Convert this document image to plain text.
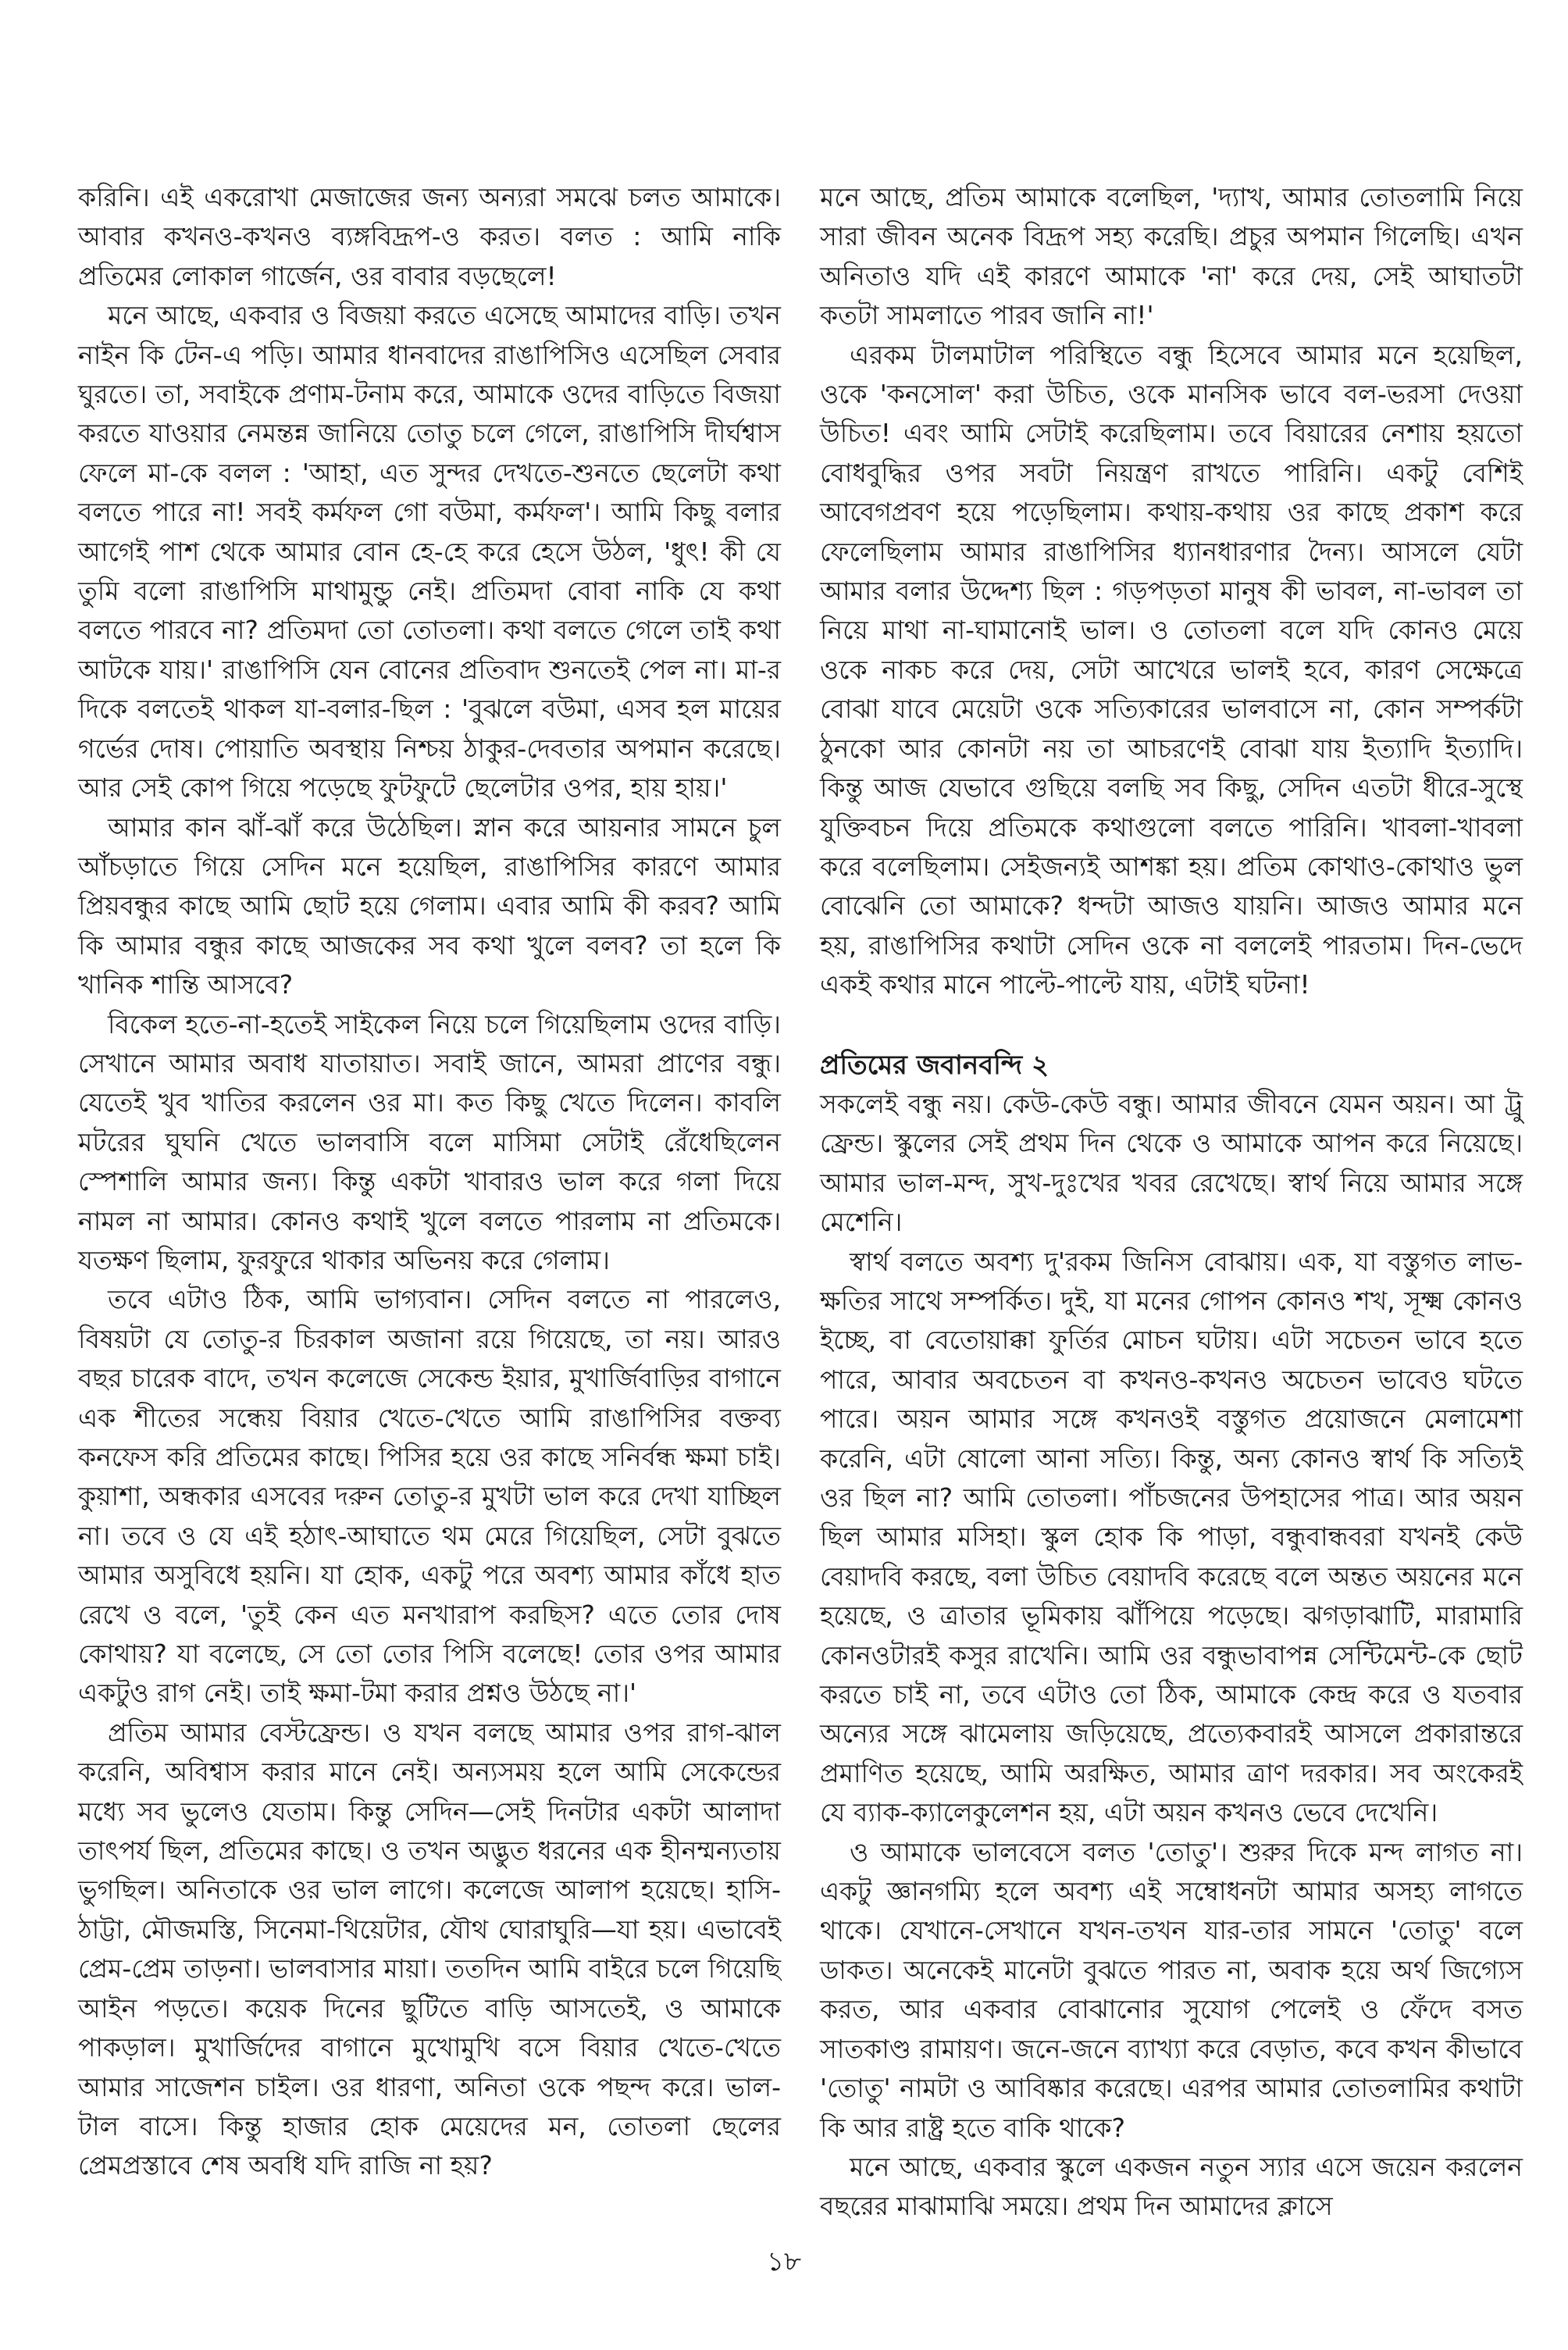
করিনি। এই একরোখা মেজাজের জন্য অন্যরা সমঝে চলত আমাকে। আবার কখনও-কখনও ব্যঙ্গবিদ্রূপ-ও করত। বলত : আমি নাকি প্রতিমের লোকাল গার্জেন, ওর বাবার বড়ছেলে!

মনে আছে, একবার ও বিজয়া করতে এসেছে আমাদের বাড়ি। তখন নাইন কি টেন-এ পড়ি। আমার ধানবাদের রাঙাপিসিও এসেছিল সেবার ঘুরতে। তা, সবাইকে প্রণাম-টনাম করে, আমাকে ওদের বাড়িতে বিজয়া করতে যাওয়ার নেমন্তন্ন জানিয়ে তোতু চলে গেলে, রাঙাপিসি দীর্ঘশ্বাস ফেলে মা-কে বলল : 'আহা, এত সুন্দর দেখতে-শুনতে ছেলেটা কথা বলতে পারে না! সবই কর্মফল গো বউমা, কর্মফল'। আমি কিছু বলার আগেই পাশ থেকে আমার বোন হে-হে করে হেসে উঠল, 'ধুৎ! কী যে তুমি বলো রাঙাপিসি মাথামুন্ডু নেই। প্রতিমদা বোবা নাকি যে কথা বলতে পারবে না? প্রতিমদা তো তোতলা। কথা বলতে গেলে তাই কথা আটকে যায়।' রাঙাপিসি যেন বোনের প্রতিবাদ শুনতেই পেল না। মা-র দিকে বলতেই থাকল যা-বলার-ছিল : 'বুঝলে বউমা, এসব হল মায়ের গর্ভের দোষ। পোয়াতি অবস্থায় নিশ্চয় ঠাকুর-দেবতার অপমান করেছে। আর সেই কোপ গিয়ে পড়েছে ফুটফুটে ছেলেটার ওপর, হায় হায়।'

আমার কান ঝাঁ-ঝাঁ করে উঠেছিল। স্নান করে আয়নার সামনে চুল আঁচড়াতে গিয়ে সেদিন মনে হয়েছিল, রাঙাপিসির কারণে আমার প্রিয়বন্ধুর কাছে আমি ছোট হয়ে গেলাম। এবার আমি কী করব? আমি কি আমার বন্ধুর কাছে আজকের সব কথা খুলে বলব? তা হলে কি খানিক শান্তি আসবে?

বিকেল হতে-না-হতেই সাইকেল নিয়ে চলে গিয়েছিলাম ওদের বাড়ি। সেখানে আমার অবাধ যাতায়াত। সবাই জানে, আমরা প্রাণের বন্ধু। যেতেই খুব খাতির করলেন ওর মা। কত কিছু খেতে দিলেন। কাবলি মটরের ঘুঘনি খেতে ভালবাসি বলে মাসিমা সেটাই রেঁধেছিলেন স্পেশালি আমার জন্য। কিন্তু একটা খাবারও ভাল করে গলা দিয়ে নামল না আমার। কোনও কথাই খুলে বলতে পারলাম না প্রতিমকে। যতক্ষণ ছিলাম, ফুরফুরে থাকার অভিনয় করে গেলাম।

তবে এটাও ঠিক, আমি ভাগ্যবান। সেদিন বলতে না পারলেও, বিষয়টা যে তোতু-র চিরকাল অজানা রয়ে গিয়েছে, তা নয়। আরও বছর চারেক বাদে, তখন কলেজে সেকেন্ড ইয়ার, মুখার্জিবাড়ির বাগানে এক শীতের সন্ধেয় বিয়ার খেতে-খেতে আমি রাঙাপিসির বক্তব্য কনফেস করি প্রতিমের কাছে। পিসির হয়ে ওর কাছে সনির্বন্ধ ক্ষমা চাই। কুয়াশা, অন্ধকার এসবের দরুন তোতু-র মুখটা ভাল করে দেখা যাচ্ছিল না। তবে ও যে এই হঠাৎ-আঘাতে থম মেরে গিয়েছিল, সেটা বুঝতে আমার অসুবিধে হয়নি। যা হোক, একটু পরে অবশ্য আমার কাঁধে হাত রেখে ও বলে, 'তুই কেন এত মনখারাপ করছিস? এতে তোর দোষ কোথায়? যা বলেছে, সে তো তোর পিসি বলেছে! তোর ওপর আমার একটুও রাগ নেই। তাই ক্ষমা-টমা করার প্রশ্নও উঠছে না।'

প্রতিম আমার বেস্টফ্রেন্ড। ও যখন বলছে আমার ওপর রাগ-ঝাল করেনি, অবিশ্বাস করার মানে নেই। অন্যসময় হলে আমি সেকেন্ডের মধ্যে সব ভুলেও যেতাম। কিন্তু সেদিন—সেই দিনটার একটা আলাদা তাৎপর্য ছিল, প্রতিমের কাছে। ও তখন অদ্ভুত ধরনের এক হীনম্মন্যতায় ভুগছিল। অনিতাকে ওর ভাল লাগে। কলেজে আলাপ হয়েছে। হাসি-ঠাট্টা, মৌজমস্তি, সিনেমা-থিয়েটার, যৌথ ঘোরাঘুরি—যা হয়। এভাবেই প্রেম-প্রেম তাড়না। ভালবাসার মায়া। ততদিন আমি বাইরে চলে গিয়েছি আইন পড়তে। কয়েক দিনের ছুটিতে বাড়ি আসতেই, ও আমাকে পাকড়াল। মুখার্জিদের বাগানে মুখোমুখি বসে বিয়ার খেতে-খেতে আমার সাজেশন চাইল। ওর ধারণা, অনিতা ওকে পছন্দ করে। ভাল-টাল বাসে। কিন্তু হাজার হোক মেয়েদের মন, তোতলা ছেলের প্রেমপ্রস্তাবে শেষ অবধি যদি রাজি না হয়?

মনে আছে, প্রতিম আমাকে বলেছিল, 'দ্যাখ, আমার তোতলামি নিয়ে সারা জীবন অনেক বিদ্রূপ সহ্য করেছি। প্রচুর অপমান গিলেছি। এখন অনিতাও যদি এই কারণে আমাকে 'না' করে দেয়, সেই আঘাতটা কতটা সামলাতে পারব জানি না!'

এরকম টালমাটাল পরিস্থিতে বন্ধু হিসেবে আমার মনে হয়েছিল, ওকে 'কনসোল' করা উচিত, ওকে মানসিক ভাবে বল-ভরসা দেওয়া উচিত! এবং আমি সেটাই করেছিলাম। তবে বিয়ারের নেশায় হয়তো বোধবুদ্ধির ওপর সবটা নিয়ন্ত্রণ রাখতে পারিনি। একটু বেশিই আবেগপ্রবণ হয়ে পড়েছিলাম। কথায়-কথায় ওর কাছে প্রকাশ করে ফেলেছিলাম আমার রাঙাপিসির ধ্যানধারণার দৈন্য। আসলে যেটা আমার বলার উদ্দেশ্য ছিল : গড়পড়তা মানুষ কী ভাবল, না-ভাবল তা নিয়ে মাথা না-ঘামানোই ভাল। ও তোতলা বলে যদি কোনও মেয়ে ওকে নাকচ করে দেয়, সেটা আখেরে ভালই হবে, কারণ সেক্ষেত্রে বোঝা যাবে মেয়েটা ওকে সত্যিকারের ভালবাসে না, কোন সম্পর্কটা ঠুনকো আর কোনটা নয় তা আচরণেই বোঝা যায় ইত্যাদি ইত্যাদি। কিন্তু আজ যেভাবে গুছিয়ে বলছি সব কিছু, সেদিন এতটা ধীরে-সুস্থে যুক্তিবচন দিয়ে প্রতিমকে কথাগুলো বলতে পারিনি। খাবলা-খাবলা করে বলেছিলাম। সেইজন্যই আশঙ্কা হয়। প্রতিম কোথাও-কোথাও ভুল বোঝেনি তো আমাকে? ধন্দটা আজও যায়নি। আজও আমার মনে হয়, রাঙাপিসির কথাটা সেদিন ওকে না বললেই পারতাম। দিন-ভেদে একই কথার মানে পাল্টে-পাল্টে যায়, এটাই ঘটনা!

প্রতিমের জবানবন্দি ২

সকলেই বন্ধু নয়। কেউ-কেউ বন্ধু। আমার জীবনে যেমন অয়ন। আ ট্রু ফ্রেন্ড। স্কুলের সেই প্রথম দিন থেকে ও আমাকে আপন করে নিয়েছে। আমার ভাল-মন্দ, সুখ-দুঃখের খবর রেখেছে। স্বার্থ নিয়ে আমার সঙ্গে মেশেনি।

স্বার্থ বলতে অবশ্য দু'রকম জিনিস বোঝায়। এক, যা বস্তুগত লাভ-ক্ষতির সাথে সম্পর্কিত। দুই, যা মনের গোপন কোনও শখ, সূক্ষ্ম কোনও ইচ্ছে, বা বেতোয়াক্কা ফুর্তির মোচন ঘটায়। এটা সচেতন ভাবে হতে পারে, আবার অবচেতন বা কখনও-কখনও অচেতন ভাবেও ঘটতে পারে। অয়ন আমার সঙ্গে কখনওই বস্তুগত প্রয়োজনে মেলামেশা করেনি, এটা ষোলো আনা সত্যি। কিন্তু, অন্য কোনও স্বার্থ কি সত্যিই ওর ছিল না? আমি তোতলা। পাঁচজনের উপহাসের পাত্র। আর অয়ন ছিল আমার মসিহা। স্কুল হোক কি পাড়া, বন্ধুবান্ধবরা যখনই কেউ বেয়াদবি করছে, বলা উচিত বেয়াদবি করেছে বলে অন্তত অয়নের মনে হয়েছে, ও ত্রাতার ভূমিকায় ঝাঁপিয়ে পড়েছে। ঝগড়াঝাটি, মারামারি কোনওটারই কসুর রাখেনি। আমি ওর বন্ধুভাবাপন্ন সেন্টিমেন্ট-কে ছোট করতে চাই না, তবে এটাও তো ঠিক, আমাকে কেন্দ্র করে ও যতবার অন্যের সঙ্গে ঝামেলায় জড়িয়েছে, প্রত্যেকবারই আসলে প্রকারান্তরে প্রমাণিত হয়েছে, আমি অরক্ষিত, আমার ত্রাণ দরকার। সব অংকেরই যে ব্যাক-ক্যালেকুলেশন হয়, এটা অয়ন কখনও ভেবে দেখেনি।

ও আমাকে ভালবেসে বলত 'তোতু'। শুরুর দিকে মন্দ লাগত না। একটু জ্ঞানগম্যি হলে অবশ্য এই সম্বোধনটা আমার অসহ্য লাগতে থাকে। যেখানে-সেখানে যখন-তখন যার-তার সামনে 'তোতু' বলে ডাকত। অনেকেই মানেটা বুঝতে পারত না, অবাক হয়ে অর্থ জিগ্যেস করত, আর একবার বোঝানোর সুযোগ পেলেই ও ফেঁদে বসত সাতকাণ্ড রামায়ণ। জনে-জনে ব্যাখ্যা করে বেড়াত, কবে কখন কীভাবে 'তোতু' নামটা ও আবিষ্কার করেছে। এরপর আমার তোতলামির কথাটা কি আর রাষ্ট্র হতে বাকি থাকে?

মনে আছে, একবার স্কুলে একজন নতুন স্যার এসে জয়েন করলেন বছরের মাঝামাঝি সময়ে। প্রথম দিন আমাদের ক্লাসে

১৮
